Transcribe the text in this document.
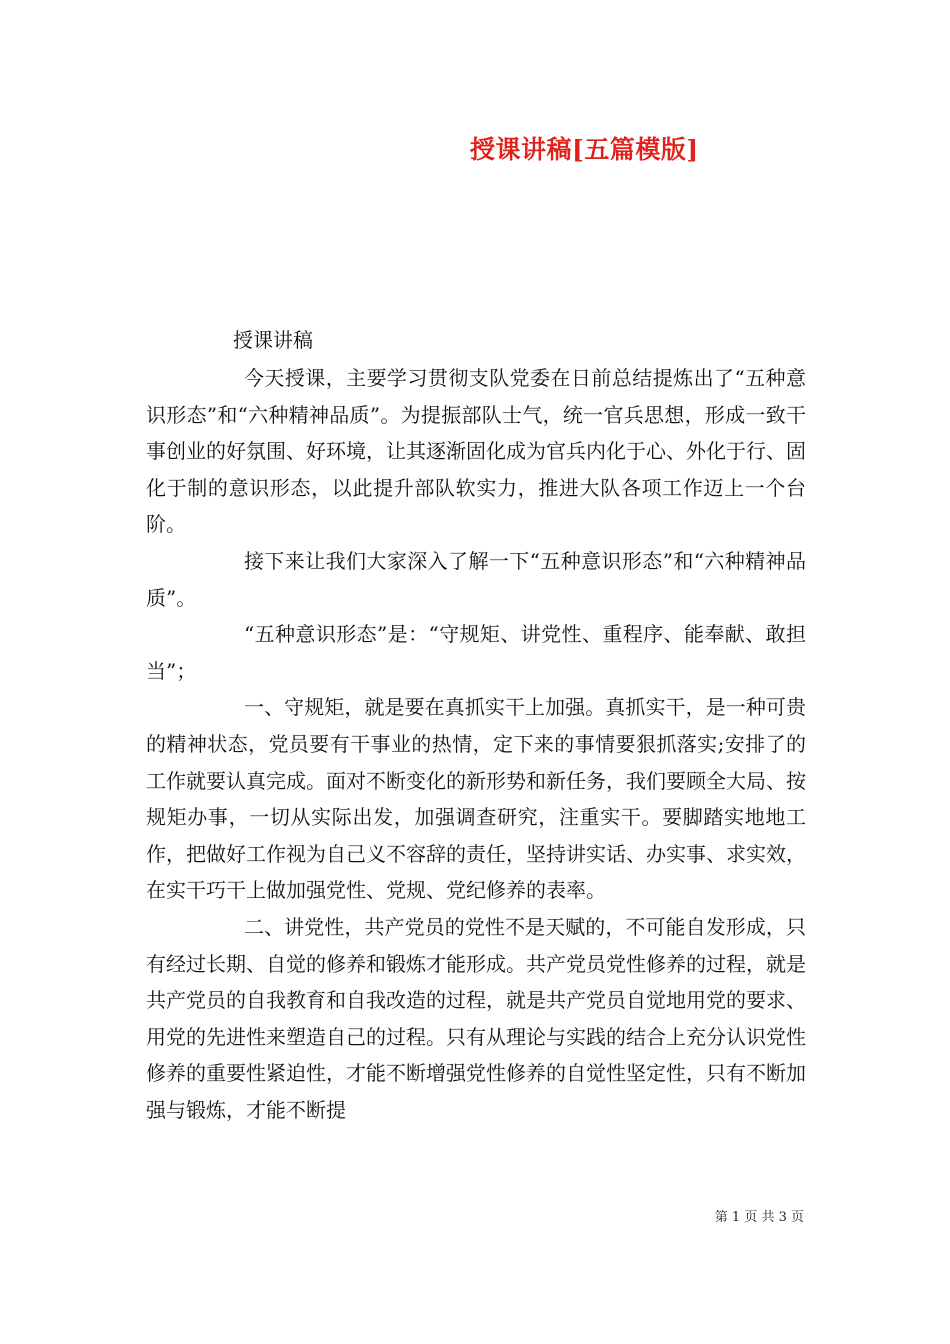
授课讲稿[五篇模版]
授课讲稿

今天授课，主要学习贯彻支队党委在日前总结提炼出了“五种意识形态”和“六种精神品质”。为提振部队士气，统一官兵思想，形成一致干事创业的好氛围、好环境，让其逐渐固化成为官兵内化于心、外化于行、固化于制的意识形态，以此提升部队软实力，推进大队各项工作迈上一个台阶。

接下来让我们大家深入了解一下“五种意识形态”和“六种精神品质”。

“五种意识形态”是：“守规矩、讲党性、重程序、能奉献、敢担当”；

一、守规矩，就是要在真抓实干上加强。真抓实干，是一种可贵的精神状态，党员要有干事业的热情，定下来的事情要狠抓落实;安排了的工作就要认真完成。面对不断变化的新形势和新任务，我们要顾全大局、按规矩办事，一切从实际出发，加强调查研究，注重实干。要脚踏实地地工作，把做好工作视为自己义不容辞的责任，坚持讲实话、办实事、求实效，在实干巧干上做加强党性、党规、党纪修养的表率。

二、讲党性，共产党员的党性不是天赋的，不可能自发形成，只有经过长期、自觉的修养和锻炼才能形成。共产党员党性修养的过程，就是共产党员的自我教育和自我改造的过程，就是共产党员自觉地用党的要求、用党的先进性来塑造自己的过程。只有从理论与实践的结合上充分认识党性修养的重要性紧迫性，才能不断增强党性修养的自觉性坚定性，只有不断加强与锻炼，才能不断提

第 1 页 共 3 页
